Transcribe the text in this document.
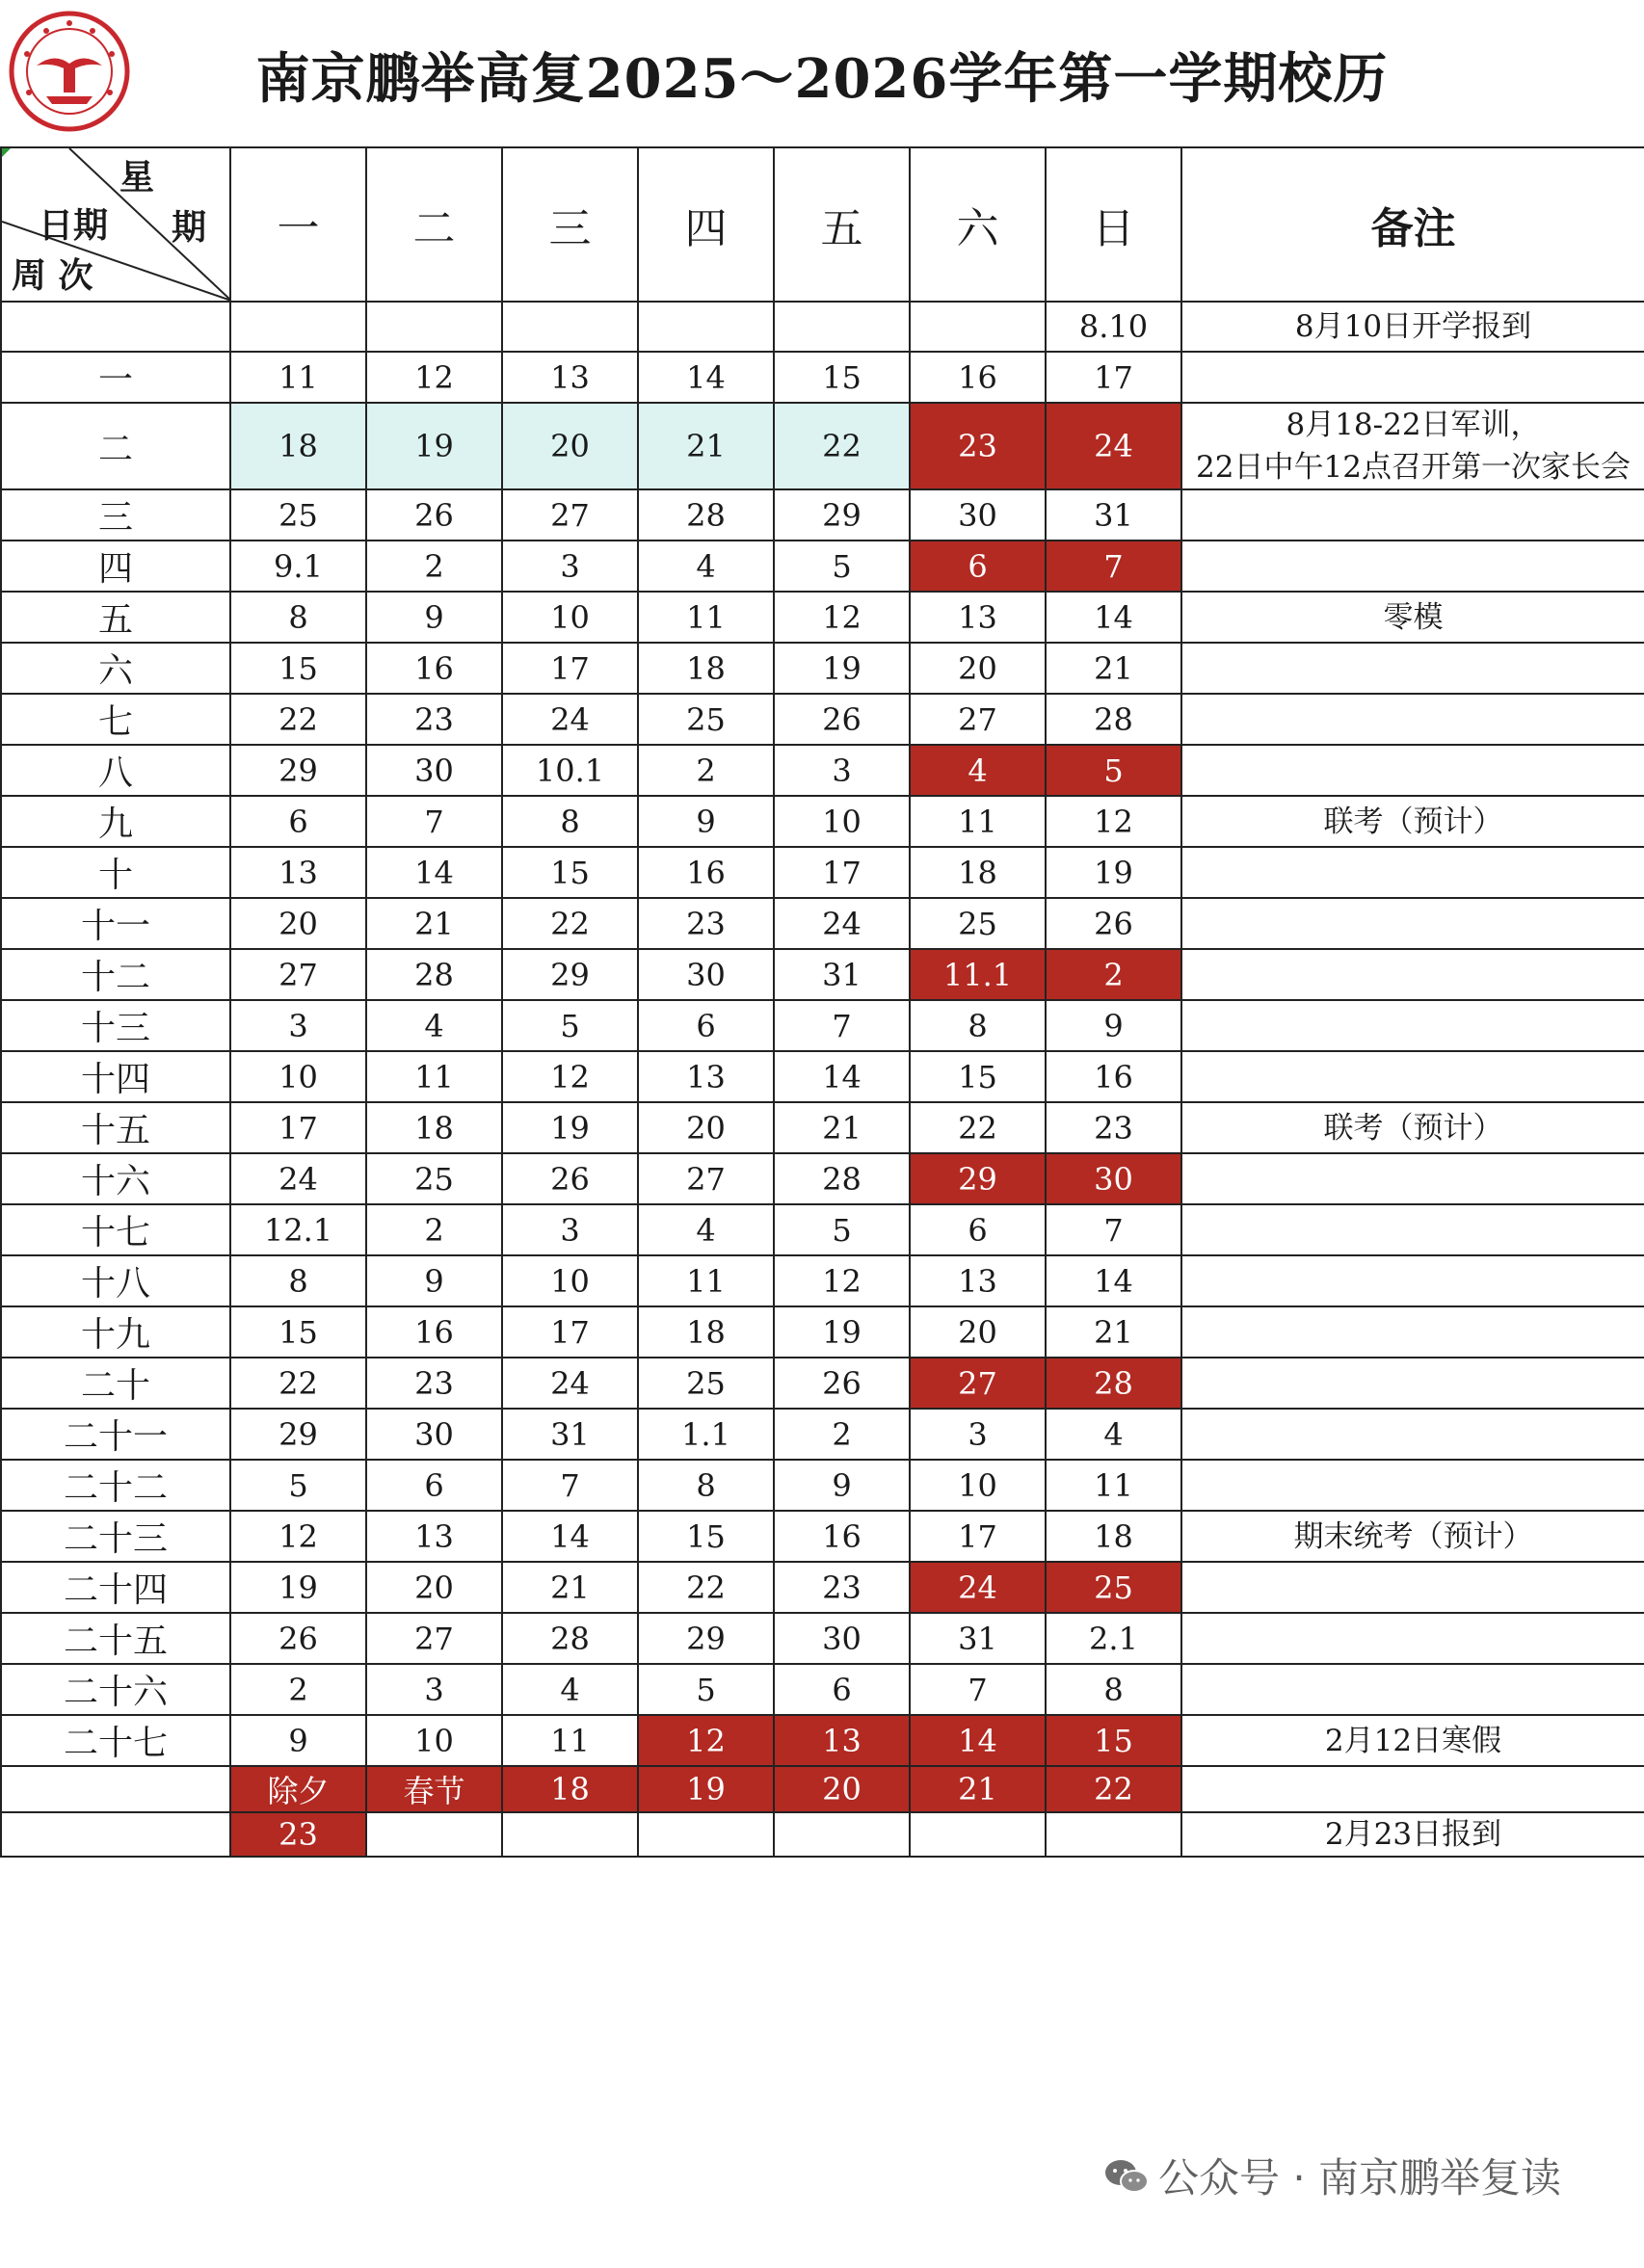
南京鹏举高复2025～2026学年第一学期校历
星
期
日期
周 次	一	二	三	四	五	六	日	备注
							8.10	8月10日开学报到
一	11	12	13	14	15	16	17	
二	18	19	20	21	22	23	24	8月18-22日军训，
22日中午12点召开第一次家长会

三	25	26	27	28	29	30	31	
四	9.1	2	3	4	5	6	7	
五	8	9	10	11	12	13	14	零模
六	15	16	17	18	19	20	21	
七	22	23	24	25	26	27	28	
八	29	30	10.1	2	3	4	5	
九	6	7	8	9	10	11	12	联考（预计）
十	13	14	15	16	17	18	19	
十一	20	21	22	23	24	25	26	
十二	27	28	29	30	31	11.1	2	
十三	3	4	5	6	7	8	9	
十四	10	11	12	13	14	15	16	
十五	17	18	19	20	21	22	23	联考（预计）
十六	24	25	26	27	28	29	30	
十七	12.1	2	3	4	5	6	7	
十八	8	9	10	11	12	13	14	
十九	15	16	17	18	19	20	21	
二十	22	23	24	25	26	27	28	
二十一	29	30	31	1.1	2	3	4	
二十二	5	6	7	8	9	10	11	
二十三	12	13	14	15	16	17	18	期末统考（预计）
二十四	19	20	21	22	23	24	25	
二十五	26	27	28	29	30	31	2.1	
二十六	2	3	4	5	6	7	8	
二十七	9	10	11	12	13	14	15	2月12日寒假
	除夕	春节	18	19	20	21	22	
	23							2月23日报到
公众号 · 南京鹏举复读
